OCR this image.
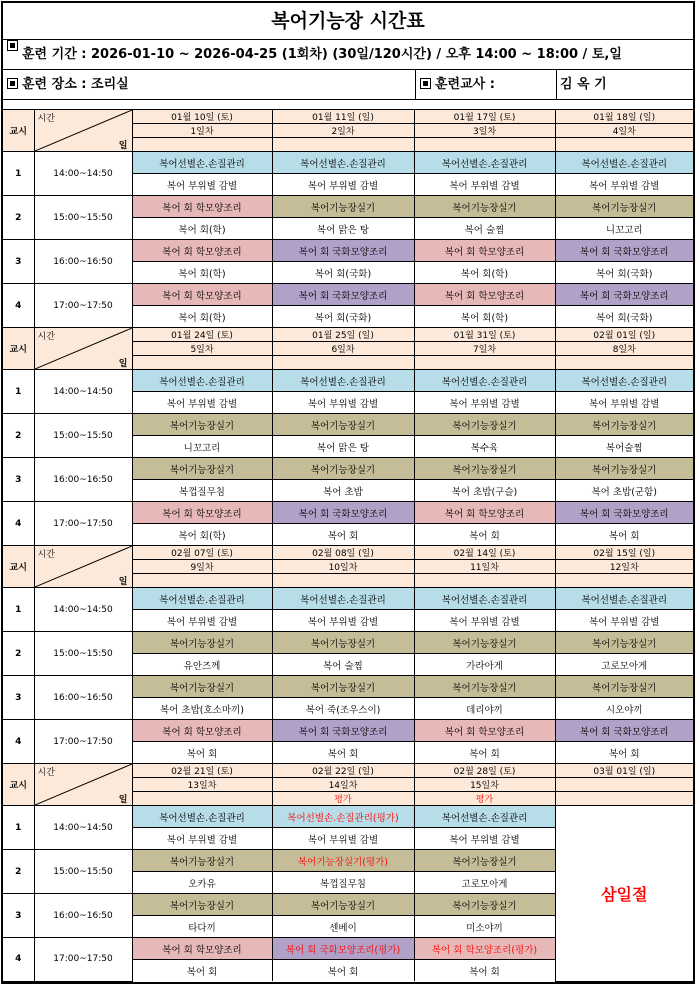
복어기능장 시간표
훈련 기간 : 2026-01-10 ~ 2026-04-25 (1회차) (30일/120시간) / 오후 14:00 ~ 18:00 / 토,일
훈련 장소 : 조리실	훈련교사 :	김 옥 기
교시	시간
일	01월 10일 (토)	01월 11일 (일)	01월 17일 (토)	01월 18일 (일)
		1일차	2일차	3일차	4일차

1	14:00~14:50	복어선별손.손질관리	복어선별손.손질관리	복어선별손.손질관리	복어선별손.손질관리
		복어 부위별 감별	복어 부위별 감별	복어 부위별 감별	복어 부위별 감별
2	15:00~15:50	복어 회 학모양조리	복어기능장실기	복어기능장실기	복어기능장실기
		복어 회(학)	복어 맑은 탕	복어 술찜	니꼬고리
3	16:00~16:50	복어 회 학모양조리	복어 회 국화모양조리	복어 회 학모양조리	복어 회 국화모양조리
		복어 회(학)	복어 회(국화)	복어 회(학)	복어 회(국화)
4	17:00~17:50	복어 회 학모양조리	복어 회 국화모양조리	복어 회 학모양조리	복어 회 국화모양조리
		복어 회(학)	복어 회(국화)	복어 회(학)	복어 회(국화)
교시	시간
일	01월 24일 (토)	01월 25일 (일)	01월 31일 (토)	02월 01일 (일)
		5일차	6일차	7일차	8일차

1	14:00~14:50	복어선별손.손질관리	복어선별손.손질관리	복어선별손.손질관리	복어선별손.손질관리
		복어 부위별 감별	복어 부위별 감별	복어 부위별 감별	복어 부위별 감별
2	15:00~15:50	복어기능장실기	복어기능장실기	복어기능장실기	복어기능장실기
		니꼬고리	복어 맑은 탕	복수육	복어술찜
3	16:00~16:50	복어기능장실기	복어기능장실기	복어기능장실기	복어기능장실기
		복껍질무침	복어 초밥	복어 초밥(구슬)	복어 초밥(군함)
4	17:00~17:50	복어 회 학모양조리	복어 회 국화모양조리	복어 회 학모양조리	복어 회 국화모양조리
		복어 회(학)	복어 회	복어 회	복어 회
교시	시간
일	02월 07일 (토)	02월 08일 (일)	02월 14일 (토)	02월 15일 (일)
		9일차	10일차	11일차	12일차

1	14:00~14:50	복어선별손.손질관리	복어선별손.손질관리	복어선별손.손질관리	복어선별손.손질관리
		복어 부위별 감별	복어 부위별 감별	복어 부위별 감별	복어 부위별 감별
2	15:00~15:50	복어기능장실기	복어기능장실기	복어기능장실기	복어기능장실기
		유안즈께	복어 술찜	가라아게	고로모아게
3	16:00~16:50	복어기능장실기	복어기능장실기	복어기능장실기	복어기능장실기
		복어 초밥(호소마끼)	복어 죽(조우스이)	데리야끼	시오야끼
4	17:00~17:50	복어 회 학모양조리	복어 회 국화모양조리	복어 회 학모양조리	복어 회 국화모양조리
		복어 회	복어 회	복어 회	복어 회
교시	시간
일	02월 21일 (토)	02월 22일 (일)	02월 28일 (토)	03월 01일 (일)
		13일차	14일차	15일차	
			평가	평가	
1	14:00~14:50	복어선별손.손질관리	복어선별손.손질관리(평가)	복어선별손.손질관리	삼일절
		복어 부위별 감별	복어 부위별 감별	복어 부위별 감별	
2	15:00~15:50	복어기능장실기	복어기능장실기(평가)	복어기능장실기	
		오카유	복껍질무침	고로모아게	
3	16:00~16:50	복어기능장실기	복어기능장실기	복어기능장실기	
		타다끼	센베이	미소야끼	
4	17:00~17:50	복어 회 학모양조리	복어 회 국화모양조리(평가)	복어 회 학모양조리(평가)	
		복어 회	복어 회	복어 회	
